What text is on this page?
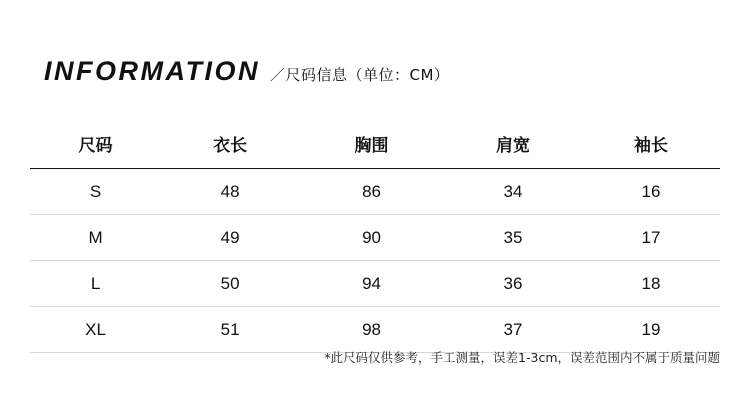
INFORMATION ／尺码信息（单位：CM）
尺码	衣长	胸围	肩宽	袖长
S	48	86	34	16
M	49	90	35	17
L	50	94	36	18
XL	51	98	37	19
*此尺码仅供参考，手工测量，误差1-3cm，误差范围内不属于质量问题
